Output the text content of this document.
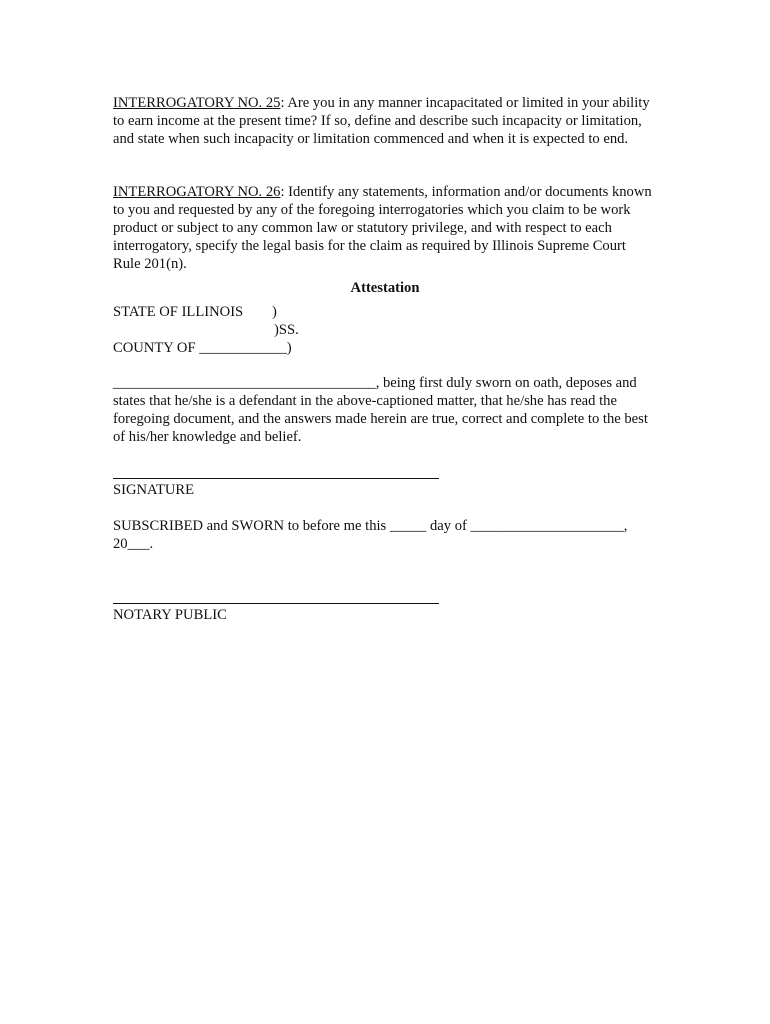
INTERROGATORY NO. 25: Are you in any manner incapacitated or limited in your ability to earn income at the present time? If so, define and describe such incapacity or limitation, and state when such incapacity or limitation commenced and when it is expected to end.

INTERROGATORY NO. 26: Identify any statements, information and/or documents known to you and requested by any of the foregoing interrogatories which you claim to be work product or subject to any common law or statutory privilege, and with respect to each interrogatory, specify the legal basis for the claim as required by Illinois Supreme Court Rule 201(n).

Attestation

STATE OF ILLINOIS )

)SS.

COUNTY OF ____________)

____________________________________, being first duly sworn on oath, deposes and states that he/she is a defendant in the above-captioned matter, that he/she has read the foregoing document, and the answers made herein are true, correct and complete to the best of his/her knowledge and belief.

SIGNATURE

SUBSCRIBED and SWORN to before me this _____ day of _____________________,

20___.

NOTARY PUBLIC
